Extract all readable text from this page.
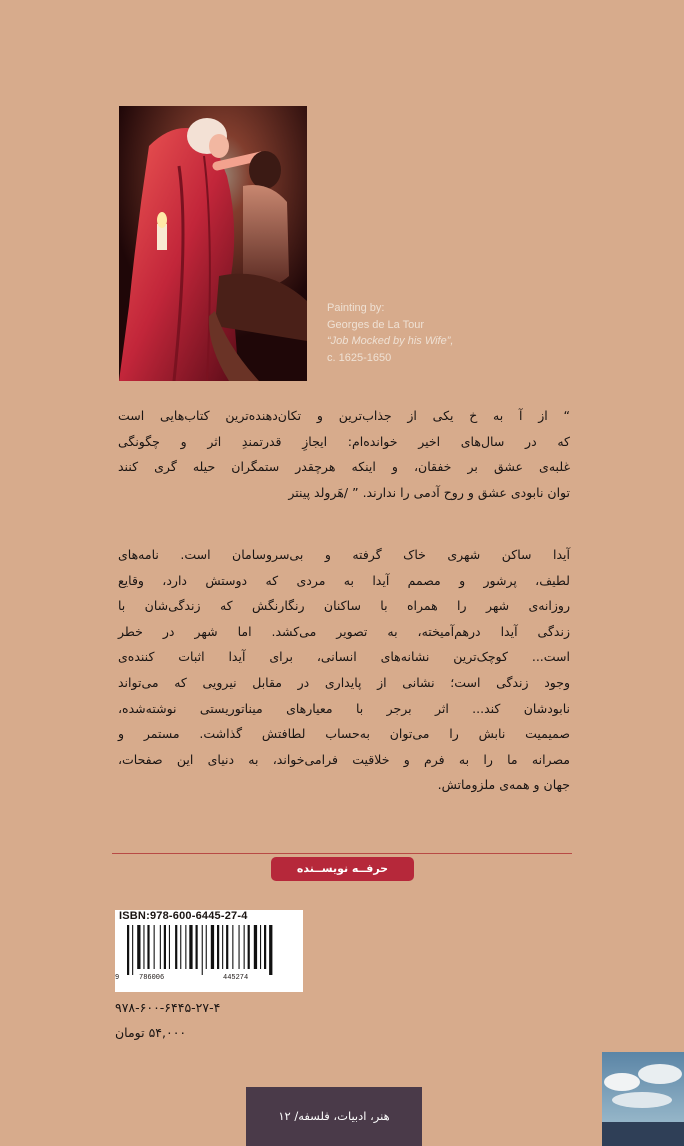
Painting by:
Georges de La Tour
“Job Mocked by his Wife”,
c. 1625-1650
“ از آ به خ یکی از جذاب‌ترین و تکان‌دهنده‌ترین کتاب‌هایی است
که در سال‌های اخیر خوانده‌ام: ایجازِ قدرتمندِ اثر و چگونگی
غلبه‌ی عشق بر خفقان، و اینکه هرچقدر ستمگران حیله گری کنند
توان نابودی عشق و روح آدمی را ندارند. ” /هَرولد پینتر
آیدا ساکن شهری خاک گرفته و بی‌سروسامان است. نامه‌های
لطیف، پرشور و مصمم آیدا به مردی که دوستش دارد، وقایع
روزانه‌ی شهر را همراه با ساکنان رنگارنگش که زندگی‌شان با
زندگی آیدا درهم‌آمیخته، به تصویر می‌کشد. اما شهر در خطر
است... کوچک‌ترین نشانه‌های انسانی، برای آیدا اثبات کننده‌ی
وجود زندگی است؛ نشانی از پایداری در مقابل نیرویی که می‌تواند
نابودشان کند... اثر برجر با معیارهای میناتوریستی نوشته‌شده،
صمیمیت نابش را می‌توان به‌حساب لطافتش گذاشت. مستمر و
مصرانه ما را به فرم و خلاقیت فرامی‌خواند، به دنیای این صفحات،
جهان و همه‌ی ملزوماتش.
حرفــه نویســنده
ISBN:978-600-6445-27-4
9	786006	445274
۹۷۸-۶۰۰-۶۴۴۵-۲۷-۴
۵۴,۰۰۰ تومان
هنر، ادبیات، فلسفه/ ۱۲
